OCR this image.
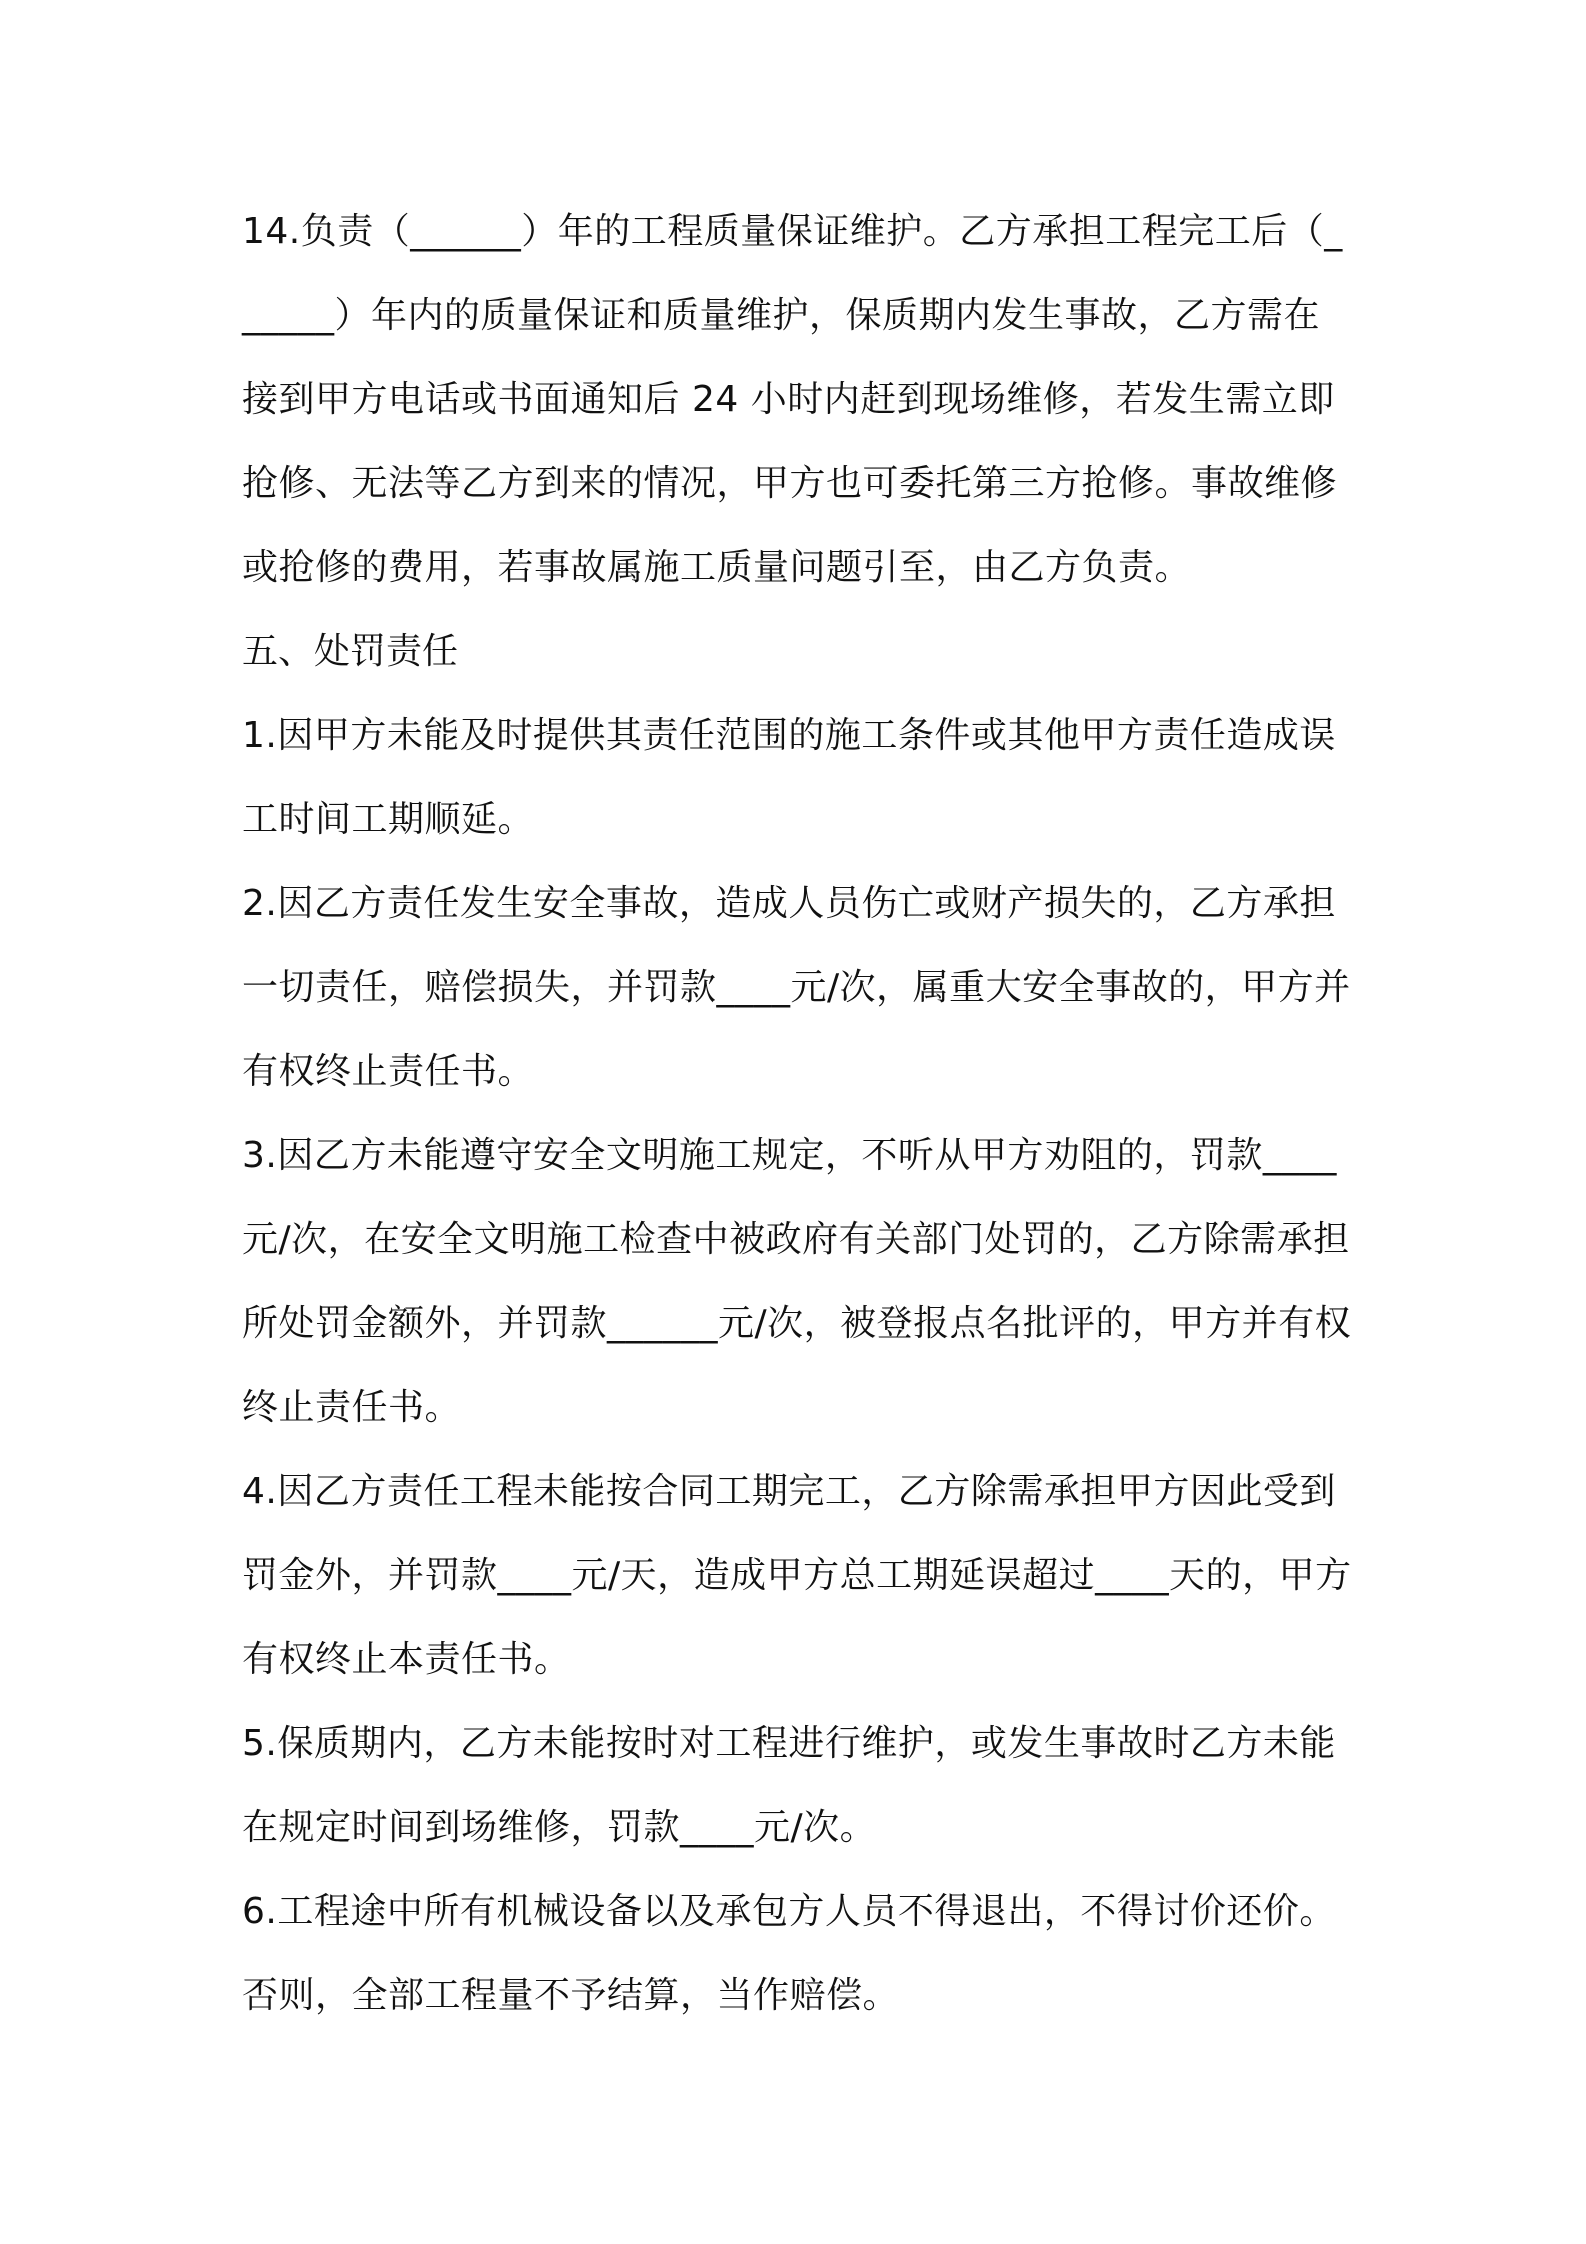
14.负责（______）年的工程质量保证维护。乙方承担工程完工后（______）年内的质量保证和质量维护，保质期内发生事故，乙方需在接到甲方电话或书面通知后 24 小时内赶到现场维修，若发生需立即抢修、无法等乙方到来的情况，甲方也可委托第三方抢修。事故维修或抢修的费用，若事故属施工质量问题引至，由乙方负责。

五、处罚责任

1.因甲方未能及时提供其责任范围的施工条件或其他甲方责任造成误工时间工期顺延。

2.因乙方责任发生安全事故，造成人员伤亡或财产损失的，乙方承担一切责任，赔偿损失，并罚款____元/次，属重大安全事故的，甲方并有权终止责任书。

3.因乙方未能遵守安全文明施工规定，不听从甲方劝阻的，罚款____元/次，在安全文明施工检查中被政府有关部门处罚的，乙方除需承担所处罚金额外，并罚款______元/次，被登报点名批评的，甲方并有权终止责任书。

4.因乙方责任工程未能按合同工期完工，乙方除需承担甲方因此受到罚金外，并罚款____元/天，造成甲方总工期延误超过____天的，甲方有权终止本责任书。

5.保质期内，乙方未能按时对工程进行维护，或发生事故时乙方未能在规定时间到场维修，罚款____元/次。

6.工程途中所有机械设备以及承包方人员不得退出，不得讨价还价。否则，全部工程量不予结算，当作赔偿。
